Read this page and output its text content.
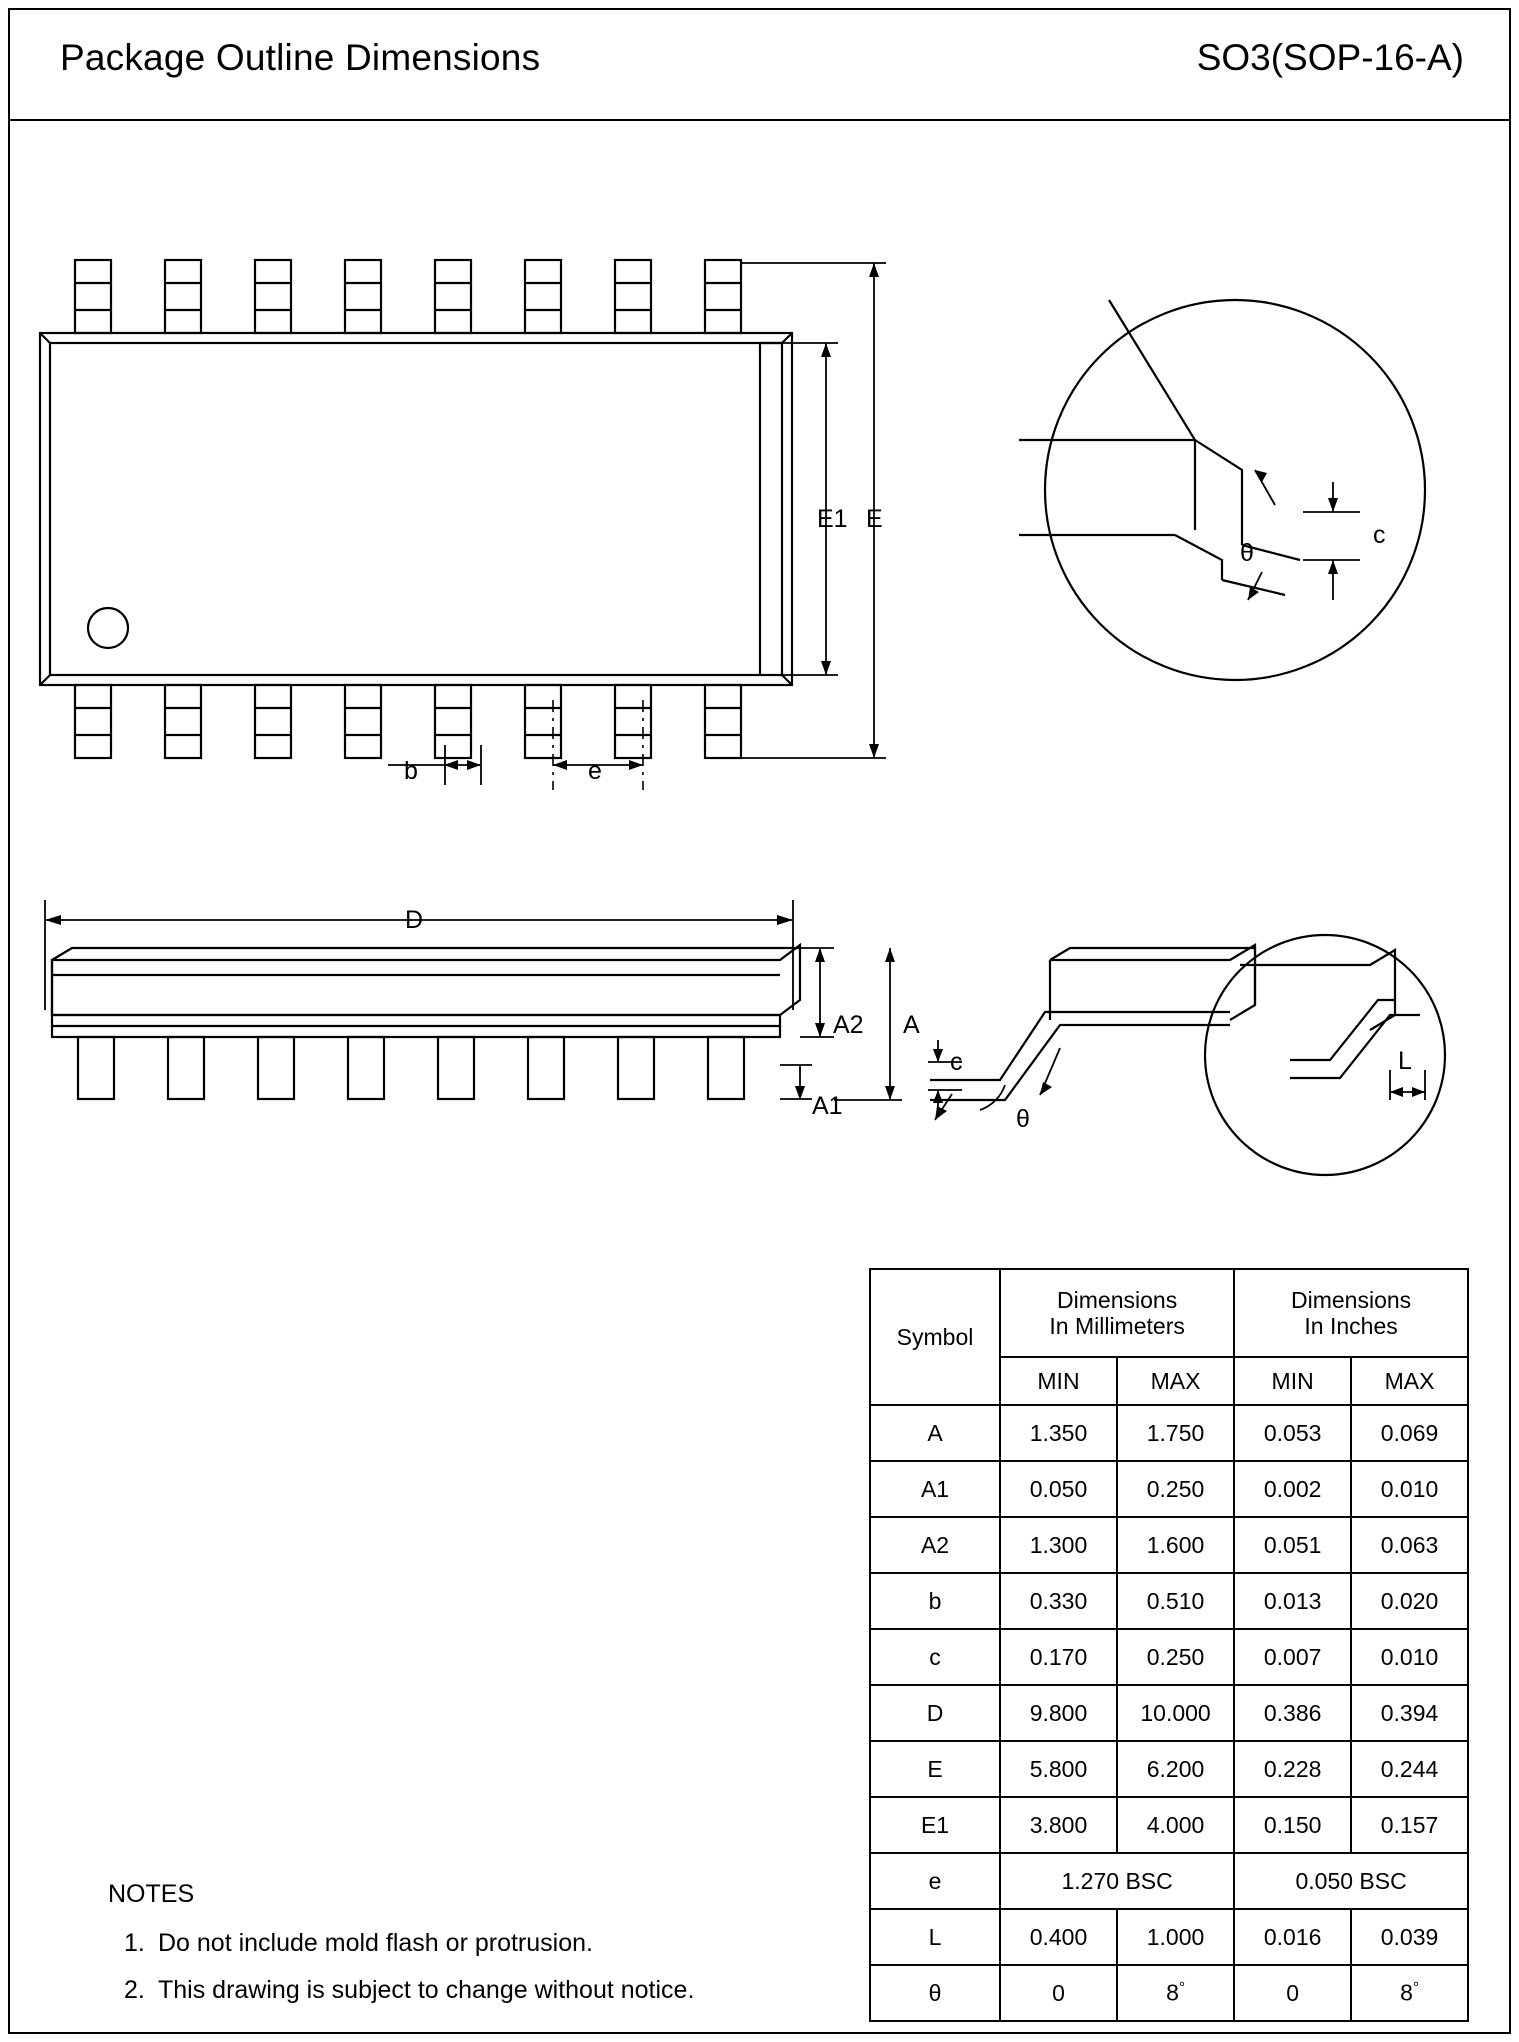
Package Outline Dimensions	SO3(SOP-16-A)
E1 E
b	e
θ
c
D
A2 A
A1
c
θ
L
Symbol	
Dimensions
In Millimeters

Dimensions
In Inches

	MIN	MAX	MIN	MAX
A	1.350	1.750	0.053	0.069
A1	0.050	0.250	0.002	0.010
A2	1.300	1.600	0.051	0.063
b	0.330	0.510	0.013	0.020
c	0.170	0.250	0.007	0.010
D	9.800	10.000	0.386	0.394
E	5.800	6.200	0.228	0.244
E1	3.800	4.000	0.150	0.157
e	1.270 BSC		0.050 BSC	
L	0.400	1.000	0.016	0.039
θ	0	8°	0	8°
NOTES
1. Do not include mold flash or protrusion.
2. This drawing is subject to change without notice.
